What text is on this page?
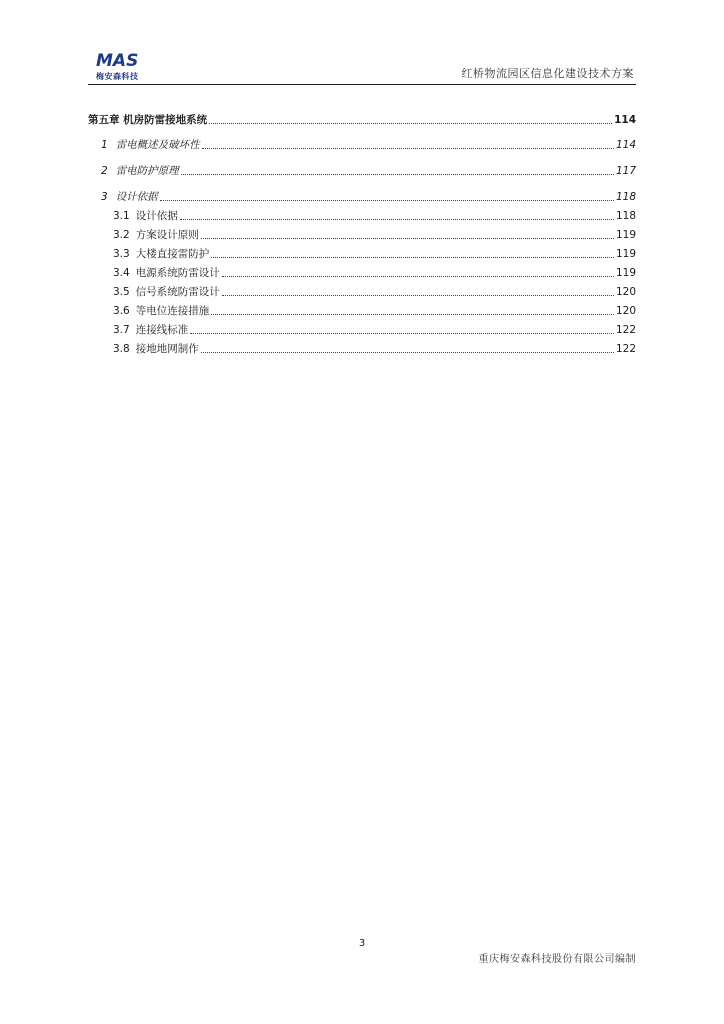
MAS
梅安森科技	红桥物流园区信息化建设技术方案
第五章 机房防雷接地系统	114
1 雷电概述及破坏性	114
2 雷电防护原理	117
3 设计依据	118
3.1 设计依据	118
3.2 方案设计原则	119
3.3 大楼直接雷防护	119
3.4 电源系统防雷设计	119
3.5 信号系统防雷设计	120
3.6 等电位连接措施	120
3.7 连接线标准	122
3.8 接地地网制作	122
3
重庆梅安森科技股份有限公司编制
